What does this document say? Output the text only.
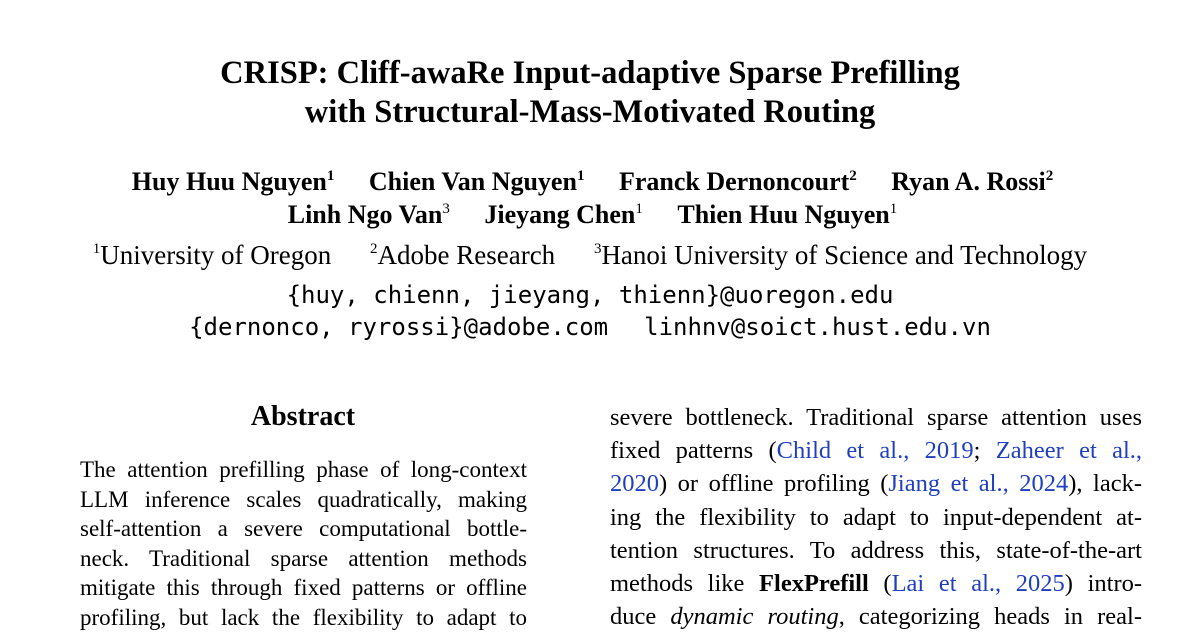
CRISP: Cliff-awaRe Input-adaptive Sparse Prefilling
with Structural-Mass-Motivated Routing
Huy Huu Nguyen$^1$ Chien Van Nguyen$^1$ Franck Dernoncourt$^2$ Ryan A. Rossi$^2$
Linh Ngo Van$^3$ Jieyang Chen$^1$ Thien Huu Nguyen$^1$
$^1$University of Oregon	$^2$Adobe Research	$^3$Hanoi University of Science and Technology
{huy, chienn, jieyang, thienn}@uoregon.edu
{dernonco, ryrossi}@adobe.com linhnv@soict.hust.edu.vn
Abstract
The attention prefilling phase of long-context
LLM inference scales quadratically, making
self-attention a severe computational bottle-
neck. Traditional sparse attention methods
mitigate this through fixed patterns or offline
profiling, but lack the flexibility to adapt to
severe bottleneck. Traditional sparse attention uses
fixed patterns (Child et al., 2019; Zaheer et al.,
2020) or offline profiling (Jiang et al., 2024), lack-
ing the flexibility to adapt to input-dependent at-
tention structures. To address this, state-of-the-art
methods like FlexPrefill (Lai et al., 2025) intro-
duce dynamic routing, categorizing heads in real-
